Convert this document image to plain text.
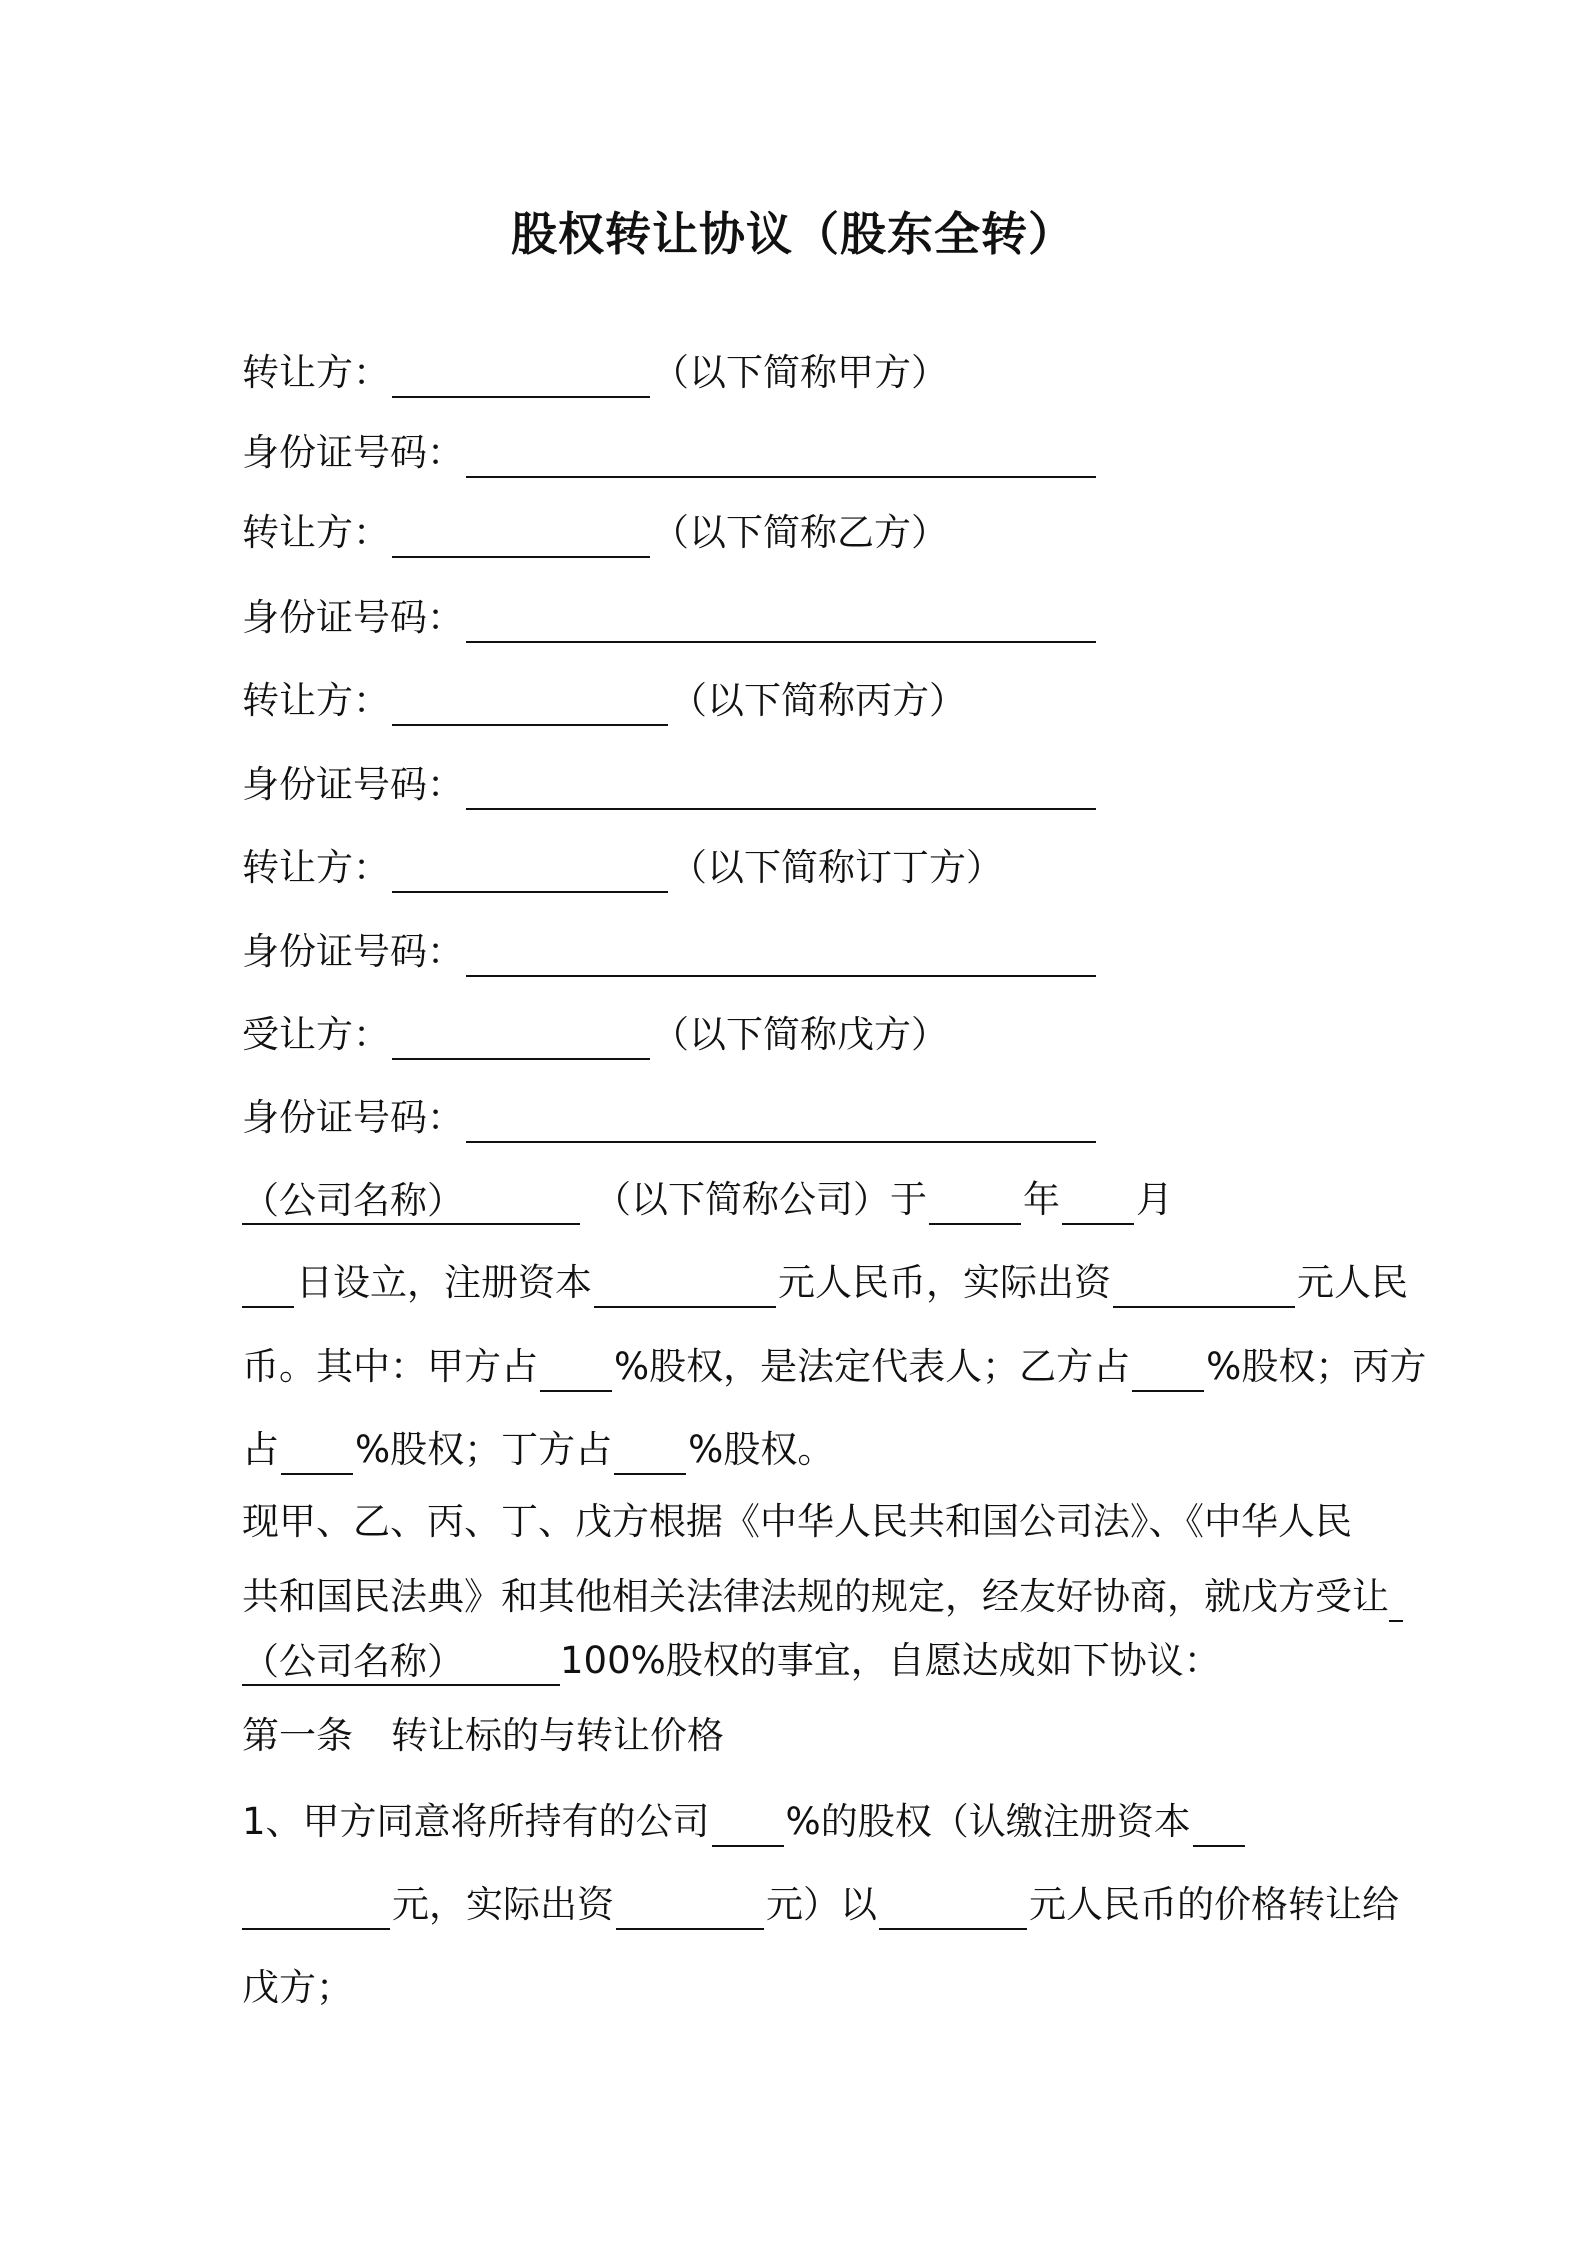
股权转让协议（股东全转）
转让方：	（以下简称甲方）
身份证号码：
转让方：	（以下简称乙方）
身份证号码：
转让方：	（以下简称丙方）
身份证号码：
转让方：	（以下简称订丁方）
身份证号码：
受让方：	（以下简称戊方）
身份证号码：
（公司名称）	（以下简称公司）于	年 月
日设立，注册资本	元人民币，实际出资	元人民
币。其中：甲方占 %股权，是法定代表人；乙方占 %股权；丙方
占 %股权；丁方占 %股权。
现甲、乙、丙、丁、戊方根据《中华人民共和国公司法》、《中华人民
共和国民法典》和其他相关法律法规的规定，经友好协商，就戊方受让
（公司名称）	100%股权的事宜，自愿达成如下协议：
第一条 转让标的与转让价格
1、甲方同意将所持有的公司 %的股权（认缴注册资本
元，实际出资	元）以	元人民币的价格转让给
戊方；
